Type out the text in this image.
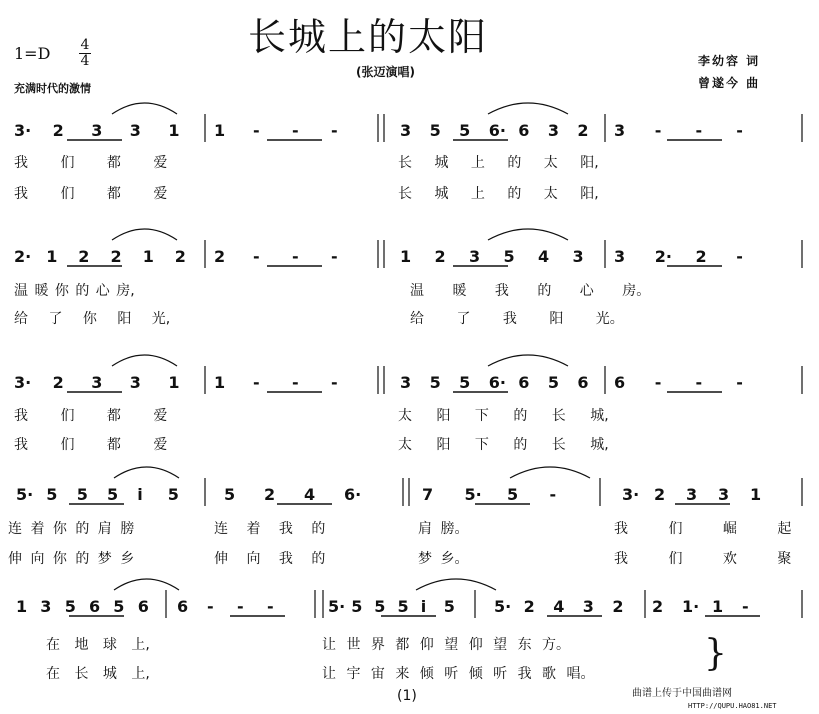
长城上的太阳
(张迈演唱)
1=D 4
4
充满时代的激情
李幼容 词
曾遂今 曲
3· 2 3 3 1 1 - - -	3 5 5 6· 6 3 2 3 - - -
2· 1 2 2 1 2 2 - - -	1 2 3 5 4 3 3 2· 2 -
3· 2 3 3 1 1 - - -	3 5 5 6· 6 5 6 6 - - -
5· 5 5 5 i 5	5 2 4 6·	7 5· 5 -	3· 2 3 3 1
1 3 5 6 5 6 6 - - -	5· 5 5 5 i 5 5· 2 4 3 2 2 1· 1 -
我 们 都 爱	长 城 上 的 太 阳,
我 们 都 爱	长 城 上 的 太 阳,
温 暖 你 的 心 房,	温 暖 我 的 心 房。
给 了 你 阳 光,	给 了 我 阳 光。
我 们 都 爱	太 阳 下 的 长 城,
我 们 都 爱	太 阳 下 的 长 城,
连 着 你 的 肩 膀	连 着 我 的	肩 膀。	我 们 崛 起
伸 向 你 的 梦 乡	伸 向 我 的	梦 乡。	我 们 欢 聚
在 地 球 上,	让 世 界 都 仰 望 仰 望 东 方。
在 长 城 上,	让 宇 宙 来 倾 听 倾 听 我 歌 唱。	}
(1)	曲谱上传于中国曲谱网
HTTP://QUPU.HAO81.NET
